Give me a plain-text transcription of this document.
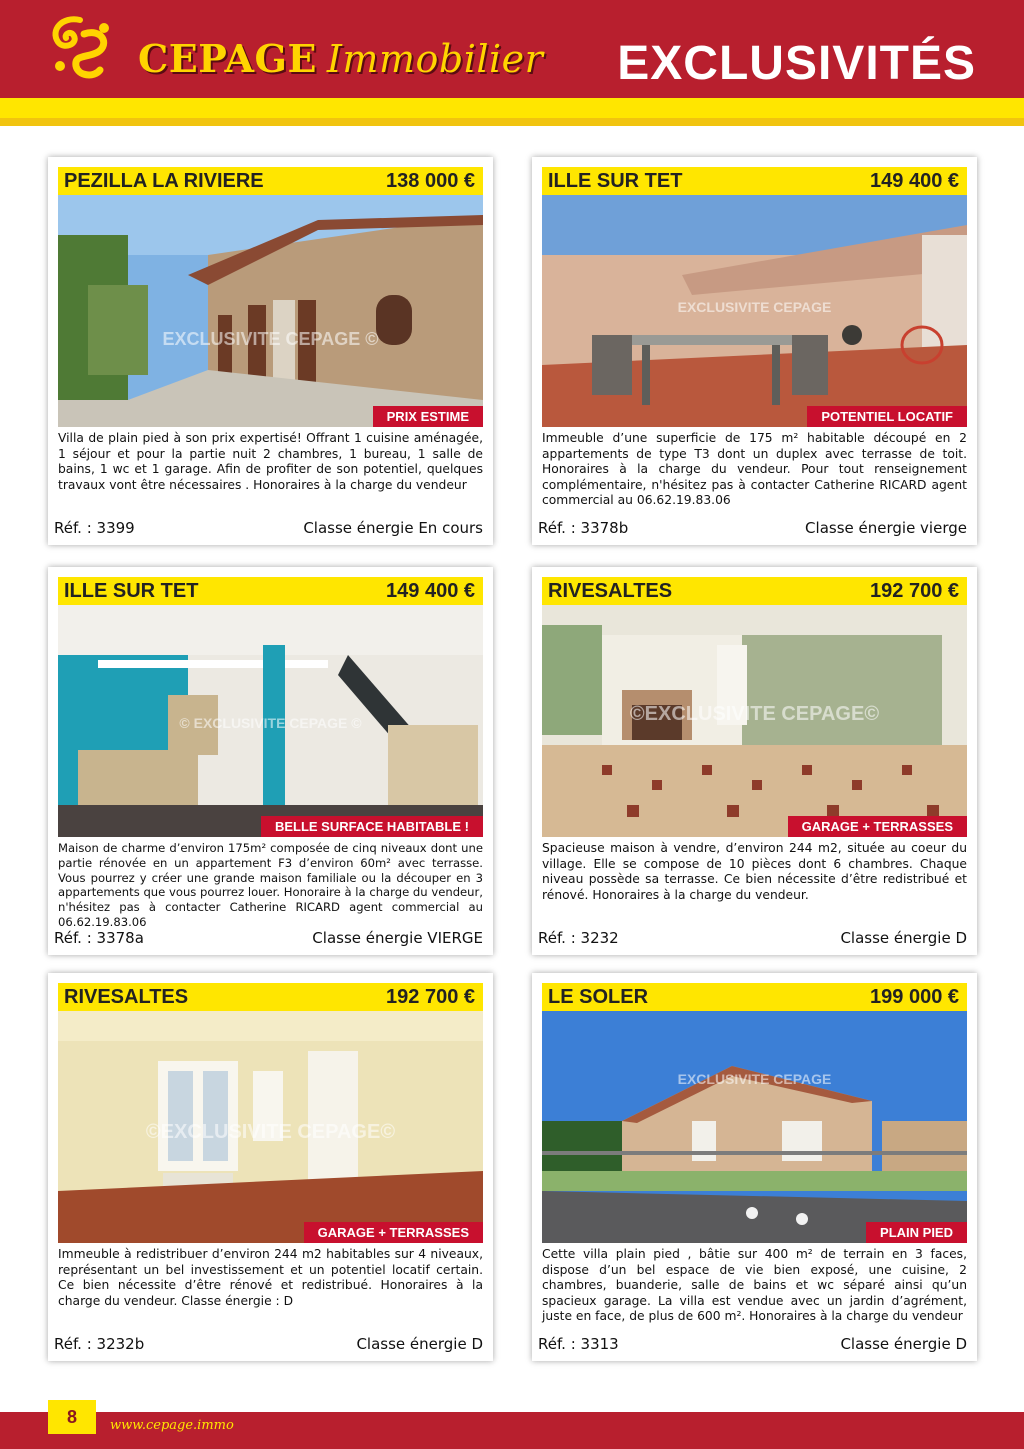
CEPAGE Immobilier EXCLUSIVITÉS
PEZILLA LA RIVIERE	138 000 €
EXCLUSIVITE CEPAGE ©
PRIX ESTIME
Villa de plain pied à son prix expertisé! Offrant 1 cuisine aménagée, 1 séjour et pour la partie nuit 2 chambres, 1 bureau, 1 salle de bains, 1 wc et 1 garage. Afin de profiter de son potentiel, quelques travaux vont être nécessaires . Honoraires à la charge du vendeur
Réf. : 3399	Classe énergie En cours
ILLE SUR TET	149 400 €
EXCLUSIVITE CEPAGE
POTENTIEL LOCATIF
Immeuble d’une superficie de 175 m² habitable découpé en 2 appartements de type T3 dont un duplex avec terrasse de toit. Honoraires à la charge du vendeur. Pour tout renseignement complémentaire, n'hésitez pas à contacter Catherine RICARD agent commercial au 06.62.19.83.06
Réf. : 3378b	Classe énergie vierge
ILLE SUR TET	149 400 €
© EXCLUSIVITE CEPAGE ©
BELLE SURFACE HABITABLE !
Maison de charme d’environ 175m² composée de cinq niveaux dont une partie rénovée en un appartement F3 d’environ 60m² avec terrasse. Vous pourrez y créer une grande maison familiale ou la découper en 3 appartements que vous pourrez louer. Honoraire à la charge du vendeur, n'hésitez pas à contacter Catherine RICARD agent commercial au 06.62.19.83.06
Réf. : 3378a	Classe énergie VIERGE
RIVESALTES	192 700 €
©EXCLUSIVITE CEPAGE©
GARAGE + TERRASSES
Spacieuse maison à vendre, d’environ 244 m2, située au coeur du village. Elle se compose de 10 pièces dont 6 chambres. Chaque niveau possède sa terrasse. Ce bien nécessite d’être redistribué et rénové. Honoraires à la charge du vendeur.
Réf. : 3232	Classe énergie D
RIVESALTES	192 700 €
©EXCLUSIVITE CEPAGE©
GARAGE + TERRASSES
Immeuble à redistribuer d’environ 244 m2 habitables sur 4 niveaux, représentant un bel investissement et un potentiel locatif certain. Ce bien nécessite d’être rénové et redistribué. Honoraires à la charge du vendeur. Classe énergie : D
Réf. : 3232b	Classe énergie D
LE SOLER	199 000 €
EXCLUSIVITE CEPAGE
PLAIN PIED
Cette villa plain pied , bâtie sur 400 m² de terrain en 3 faces, dispose d’un bel espace de vie bien exposé, une cuisine, 2 chambres, buanderie, salle de bains et wc séparé ainsi qu’un spacieux garage. La villa est vendue avec un jardin d’agrément, juste en face, de plus de 600 m². Honoraires à la charge du vendeur
Réf. : 3313	Classe énergie D
8	www.cepage.immo
